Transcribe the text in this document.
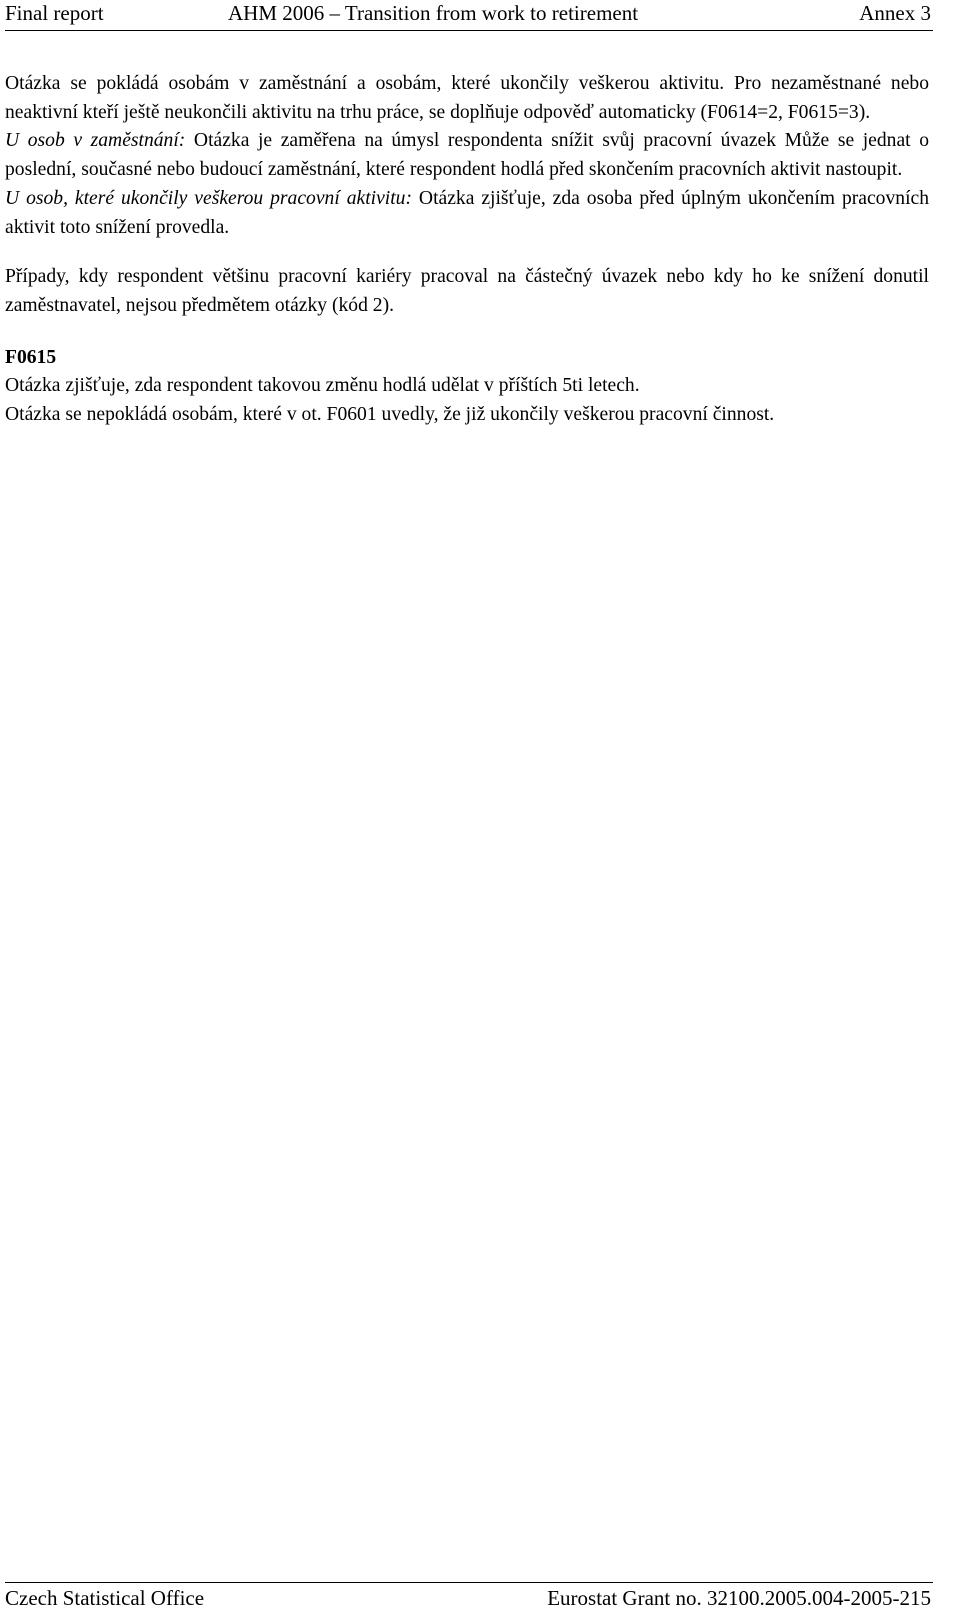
Final report	AHM 2006 – Transition from work to retirement	Annex 3

Otázka se pokládá osobám v zaměstnání a osobám, které ukončily veškerou aktivitu. Pro nezaměstnané nebo neaktivní kteří ještě neukončili aktivitu na trhu práce, se doplňuje odpověď automaticky (F0614=2, F0615=3).

U osob v zaměstnání: Otázka je zaměřena na úmysl respondenta snížit svůj pracovní úvazek Může se jednat o poslední, současné nebo budoucí zaměstnání, které respondent hodlá před skončením pracovních aktivit nastoupit.

U osob, které ukončily veškerou pracovní aktivitu: Otázka zjišťuje, zda osoba před úplným ukončením pracovních aktivit toto snížení provedla.

Případy, kdy respondent většinu pracovní kariéry pracoval na částečný úvazek nebo kdy ho ke snížení donutil zaměstnavatel, nejsou předmětem otázky (kód 2).

F0615
Otázka zjišťuje, zda respondent takovou změnu hodlá udělat v příštích 5ti letech.

Otázka se nepokládá osobám, které v ot. F0601 uvedly, že již ukončily veškerou pracovní činnost.

Czech Statistical Office	Eurostat Grant no. 32100.2005.004-2005-215
